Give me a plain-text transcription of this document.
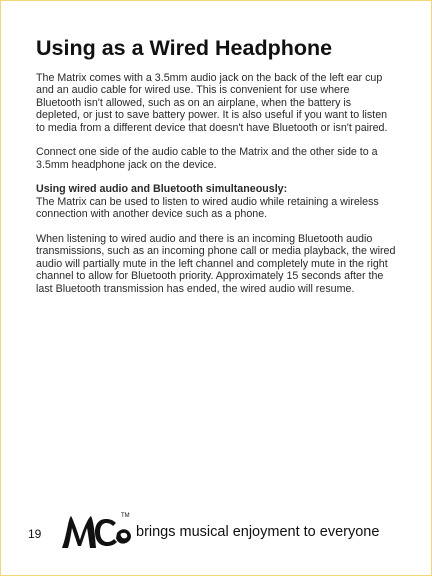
Using as a Wired Headphone

The Matrix comes with a 3.5mm audio jack on the back of the left ear cup and an audio cable for wired use. This is convenient for use where Bluetooth isn't allowed, such as on an airplane, when the battery is depleted, or just to save battery power. It is also useful if you want to listen to media from a different device that doesn't have Bluetooth or isn't paired.

Connect one side of the audio cable to the Matrix and the other side to a 3.5mm headphone jack on the device.

Using wired audio and Bluetooth simultaneously:

The Matrix can be used to listen to wired audio while retaining a wireless connection with another device such as a phone.

When listening to wired audio and there is an incoming Bluetooth audio transmissions, such as an incoming phone call or media playback, the wired audio will partially mute in the left channel and completely mute in the right channel to allow for Bluetooth priority. Approximately 15 seconds after the last Bluetooth transmission has ended, the wired audio will resume.

19
TM
brings musical enjoyment to everyone
